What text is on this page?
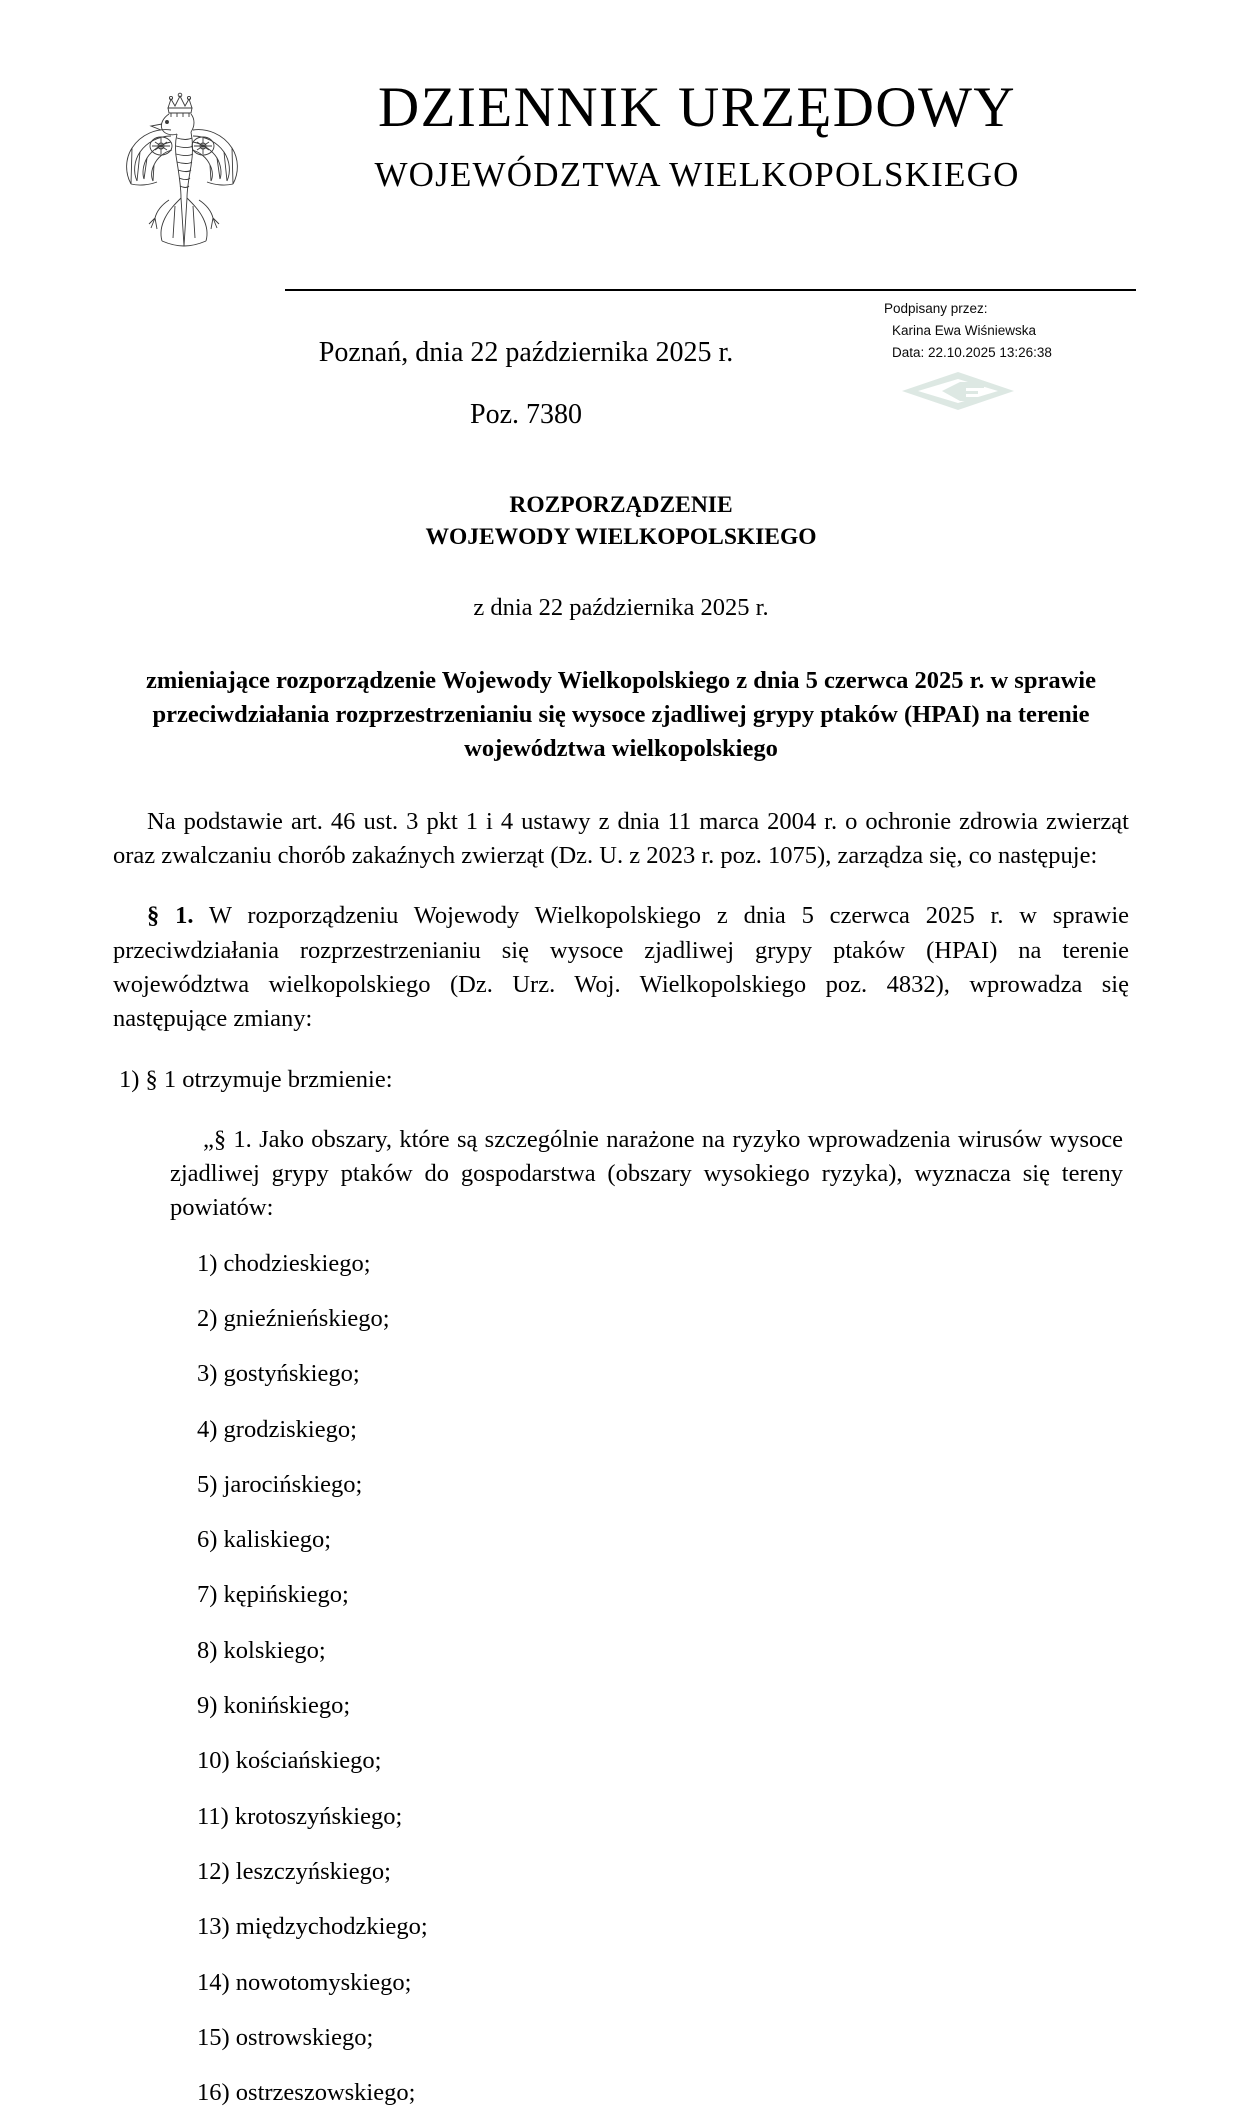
DZIENNIK URZĘDOWY
WOJEWÓDZTWA WIELKOPOLSKIEGO

Poznań, dnia 22 października 2025 r.

Poz. 7380

Podpisany przez:
Karina Ewa Wiśniewska
Data: 22.10.2025 13:26:38
ROZPORZĄDZENIE
WOJEWODY WIELKOPOLSKIEGO

z dnia 22 października 2025 r.

zmieniające rozporządzenie Wojewody Wielkopolskiego z dnia 5 czerwca 2025 r. w sprawie przeciwdziałania rozprzestrzenianiu się wysoce zjadliwej grypy ptaków (HPAI) na terenie województwa wielkopolskiego

Na podstawie art. 46 ust. 3 pkt 1 i 4 ustawy z dnia 11 marca 2004 r. o ochronie zdrowia zwierząt oraz zwalczaniu chorób zakaźnych zwierząt (Dz. U. z 2023 r. poz. 1075), zarządza się, co następuje:

§ 1. W rozporządzeniu Wojewody Wielkopolskiego z dnia 5 czerwca 2025 r. w sprawie przeciwdziałania rozprzestrzenianiu się wysoce zjadliwej grypy ptaków (HPAI) na terenie województwa wielkopolskiego (Dz. Urz. Woj. Wielkopolskiego poz. 4832), wprowadza się następujące zmiany:

1) § 1 otrzymuje brzmienie:

„§ 1. Jako obszary, które są szczególnie narażone na ryzyko wprowadzenia wirusów wysoce zjadliwej grypy ptaków do gospodarstwa (obszary wysokiego ryzyka), wyznacza się tereny powiatów:

1) chodzieskiego;
2) gnieźnieńskiego;
3) gostyńskiego;
4) grodziskiego;
5) jarocińskiego;
6) kaliskiego;
7) kępińskiego;
8) kolskiego;
9) konińskiego;
10) kościańskiego;
11) krotoszyńskiego;
12) leszczyńskiego;
13) międzychodzkiego;
14) nowotomyskiego;
15) ostrowskiego;
16) ostrzeszowskiego;
